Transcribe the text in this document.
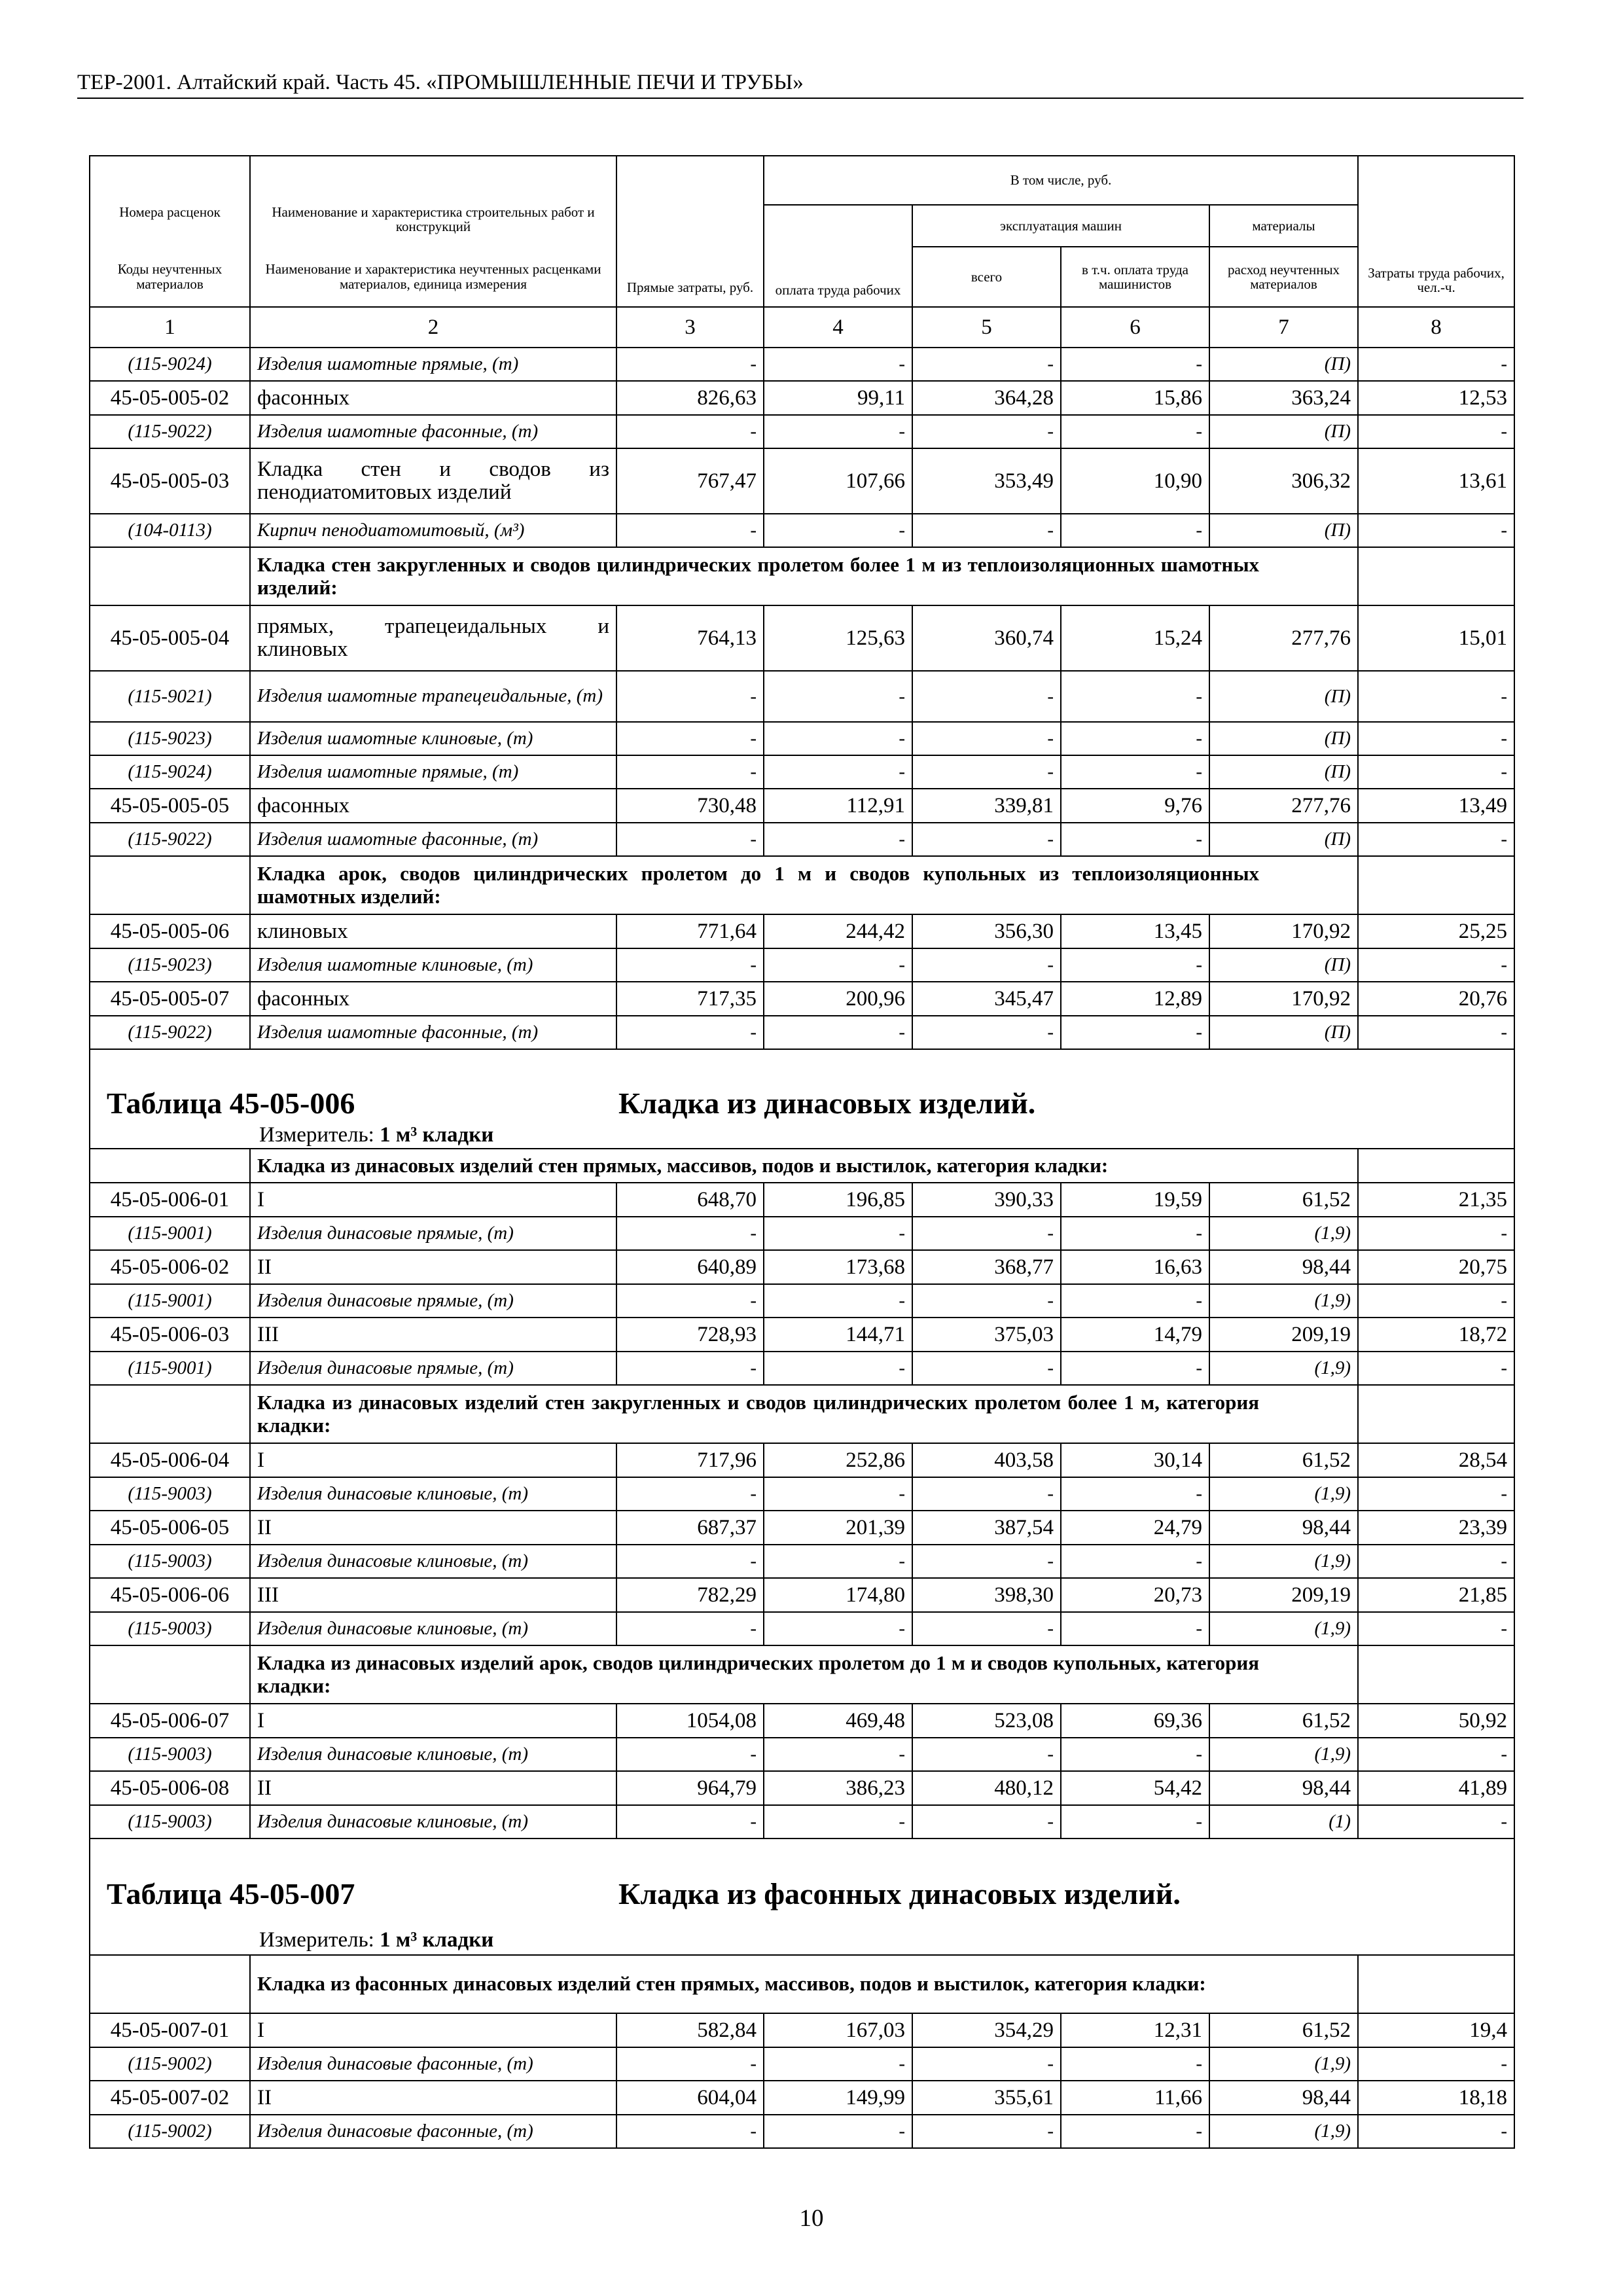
ТЕР-2001. Алтайский край. Часть 45. «ПРОМЫШЛЕННЫЕ ПЕЧИ И ТРУБЫ»
		Прямые затраты, руб.	В том числе, руб.				Затраты труда рабочих, чел.-ч.
Номера расценок	Наименование и характеристика строительных работ и конструкций		оплата труда рабочих	эксплуатация машин		материалы	
Коды неучтенных материалов	Наименование и характеристика неучтенных расценками материалов, единица измерения			всего	в т.ч. оплата труда машинистов	расход неучтенных материалов	
1	2	3	4	5	6	7	8
(115-9024)	Изделия шамотные прямые, (т)	-	-	-	-	(П)	-
45-05-005-02	фасонных	826,63	99,11	364,28	15,86	363,24	12,53
(115-9022)	Изделия шамотные фасонные, (т)	-	-	-	-	(П)	-
45-05-005-03	Кладка стен и сводов из пенодиатомитовых изделий	767,47	107,66	353,49	10,90	306,32	13,61
(104-0113)	Кирпич пенодиатомитовый, (м³)	-	-	-	-	(П)	-
	Кладка стен закругленных и сводов цилиндрических пролетом более 1 м из теплоизоляционных шамотных изделий:						
45-05-005-04	прямых, трапецеидальных и клиновых	764,13	125,63	360,74	15,24	277,76	15,01
(115-9021)	Изделия шамотные трапецеидальные, (т)	-	-	-	-	(П)	-
(115-9023)	Изделия шамотные клиновые, (т)	-	-	-	-	(П)	-
(115-9024)	Изделия шамотные прямые, (т)	-	-	-	-	(П)	-
45-05-005-05	фасонных	730,48	112,91	339,81	9,76	277,76	13,49
(115-9022)	Изделия шамотные фасонные, (т)	-	-	-	-	(П)	-
	Кладка арок, сводов цилиндрических пролетом до 1 м и сводов купольных из теплоизоляционных шамотных изделий:						
45-05-005-06	клиновых	771,64	244,42	356,30	13,45	170,92	25,25
(115-9023)	Изделия шамотные клиновые, (т)	-	-	-	-	(П)	-
45-05-005-07	фасонных	717,35	200,96	345,47	12,89	170,92	20,76
(115-9022)	Изделия шамотные фасонные, (т)	-	-	-	-	(П)	-

Таблица 45-05-006 Кладка из динасовых изделий.
Измеритель: 1 м³ кладки							

	Кладка из динасовых изделий стен прямых, массивов, подов и выстилок, категория кладки:						
45-05-006-01	I	648,70	196,85	390,33	19,59	61,52	21,35
(115-9001)	Изделия динасовые прямые, (т)	-	-	-	-	(1,9)	-
45-05-006-02	II	640,89	173,68	368,77	16,63	98,44	20,75
(115-9001)	Изделия динасовые прямые, (т)	-	-	-	-	(1,9)	-
45-05-006-03	III	728,93	144,71	375,03	14,79	209,19	18,72
(115-9001)	Изделия динасовые прямые, (т)	-	-	-	-	(1,9)	-
	Кладка из динасовых изделий стен закругленных и сводов цилиндрических пролетом более 1 м, категория кладки:						
45-05-006-04	I	717,96	252,86	403,58	30,14	61,52	28,54
(115-9003)	Изделия динасовые клиновые, (т)	-	-	-	-	(1,9)	-
45-05-006-05	II	687,37	201,39	387,54	24,79	98,44	23,39
(115-9003)	Изделия динасовые клиновые, (т)	-	-	-	-	(1,9)	-
45-05-006-06	III	782,29	174,80	398,30	20,73	209,19	21,85
(115-9003)	Изделия динасовые клиновые, (т)	-	-	-	-	(1,9)	-
	Кладка из динасовых изделий арок, сводов цилиндрических пролетом до 1 м и сводов купольных, категория кладки:						
45-05-006-07	I	1054,08	469,48	523,08	69,36	61,52	50,92
(115-9003)	Изделия динасовые клиновые, (т)	-	-	-	-	(1,9)	-
45-05-006-08	II	964,79	386,23	480,12	54,42	98,44	41,89
(115-9003)	Изделия динасовые клиновые, (т)	-	-	-	-	(1)	-

Таблица 45-05-007 Кладка из фасонных динасовых изделий.
Измеритель: 1 м³ кладки							

	Кладка из фасонных динасовых изделий стен прямых, массивов, подов и выстилок, категория кладки:						
45-05-007-01	I	582,84	167,03	354,29	12,31	61,52	19,4
(115-9002)	Изделия динасовые фасонные, (т)	-	-	-	-	(1,9)	-
45-05-007-02	II	604,04	149,99	355,61	11,66	98,44	18,18
(115-9002)	Изделия динасовые фасонные, (т)	-	-	-	-	(1,9)	-
10
